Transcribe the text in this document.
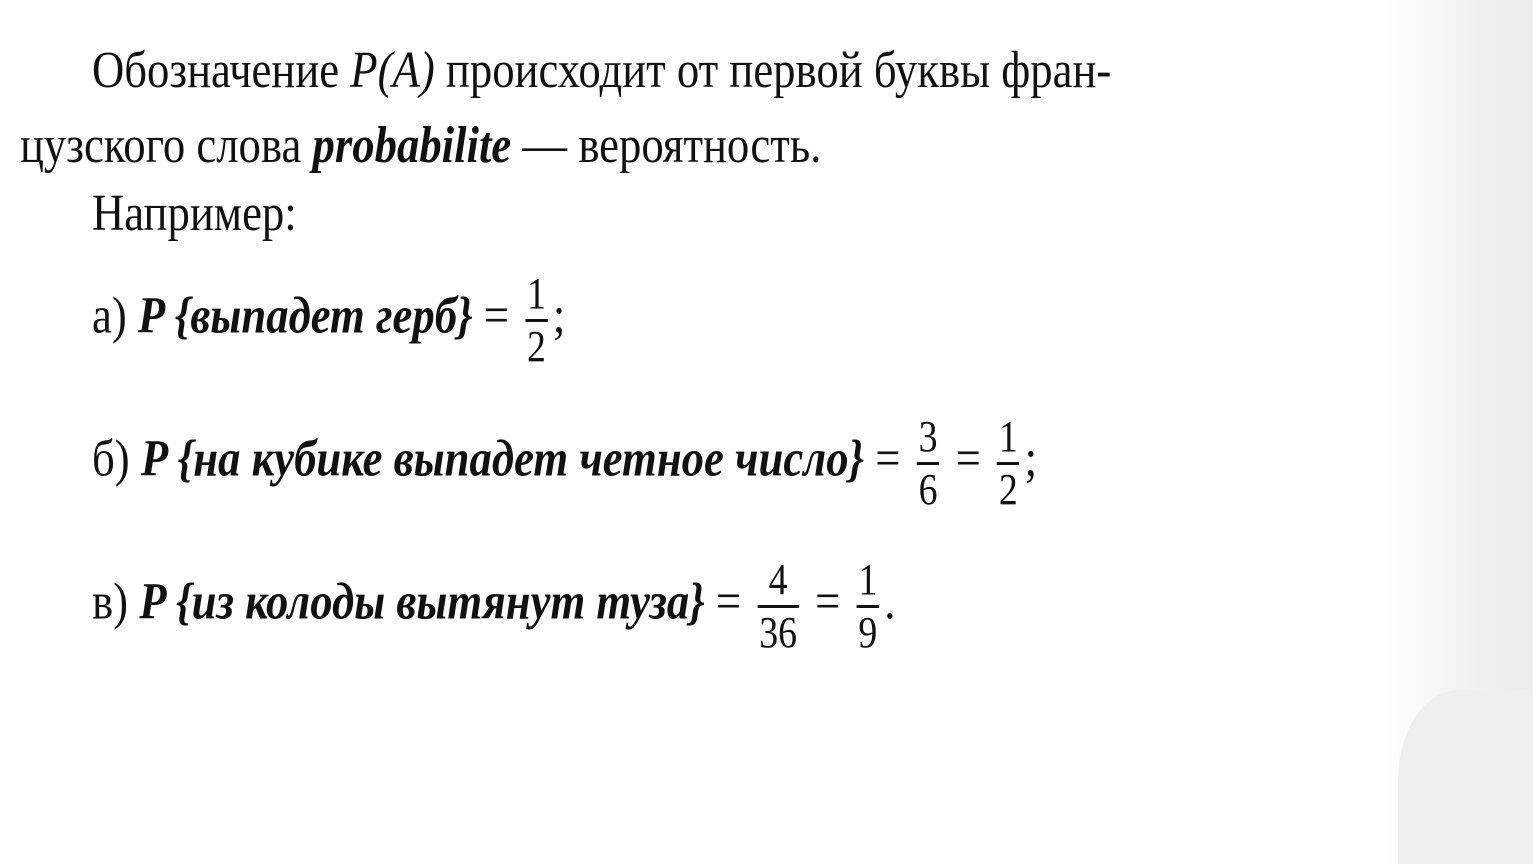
Обозначение P(A) происходит от первой буквы фран-
цузского слова probabilite — вероятность.
Например:
а) P {выпадет герб} = $\frac{1}{2}$ ;
б) P {на кубике выпадет четное число} = $\frac{3}{6} = \frac{1}{2}$ ;
в) P {из колоды вытянут туза} = $\frac{4}{36} = \frac{1}{9}$ .
